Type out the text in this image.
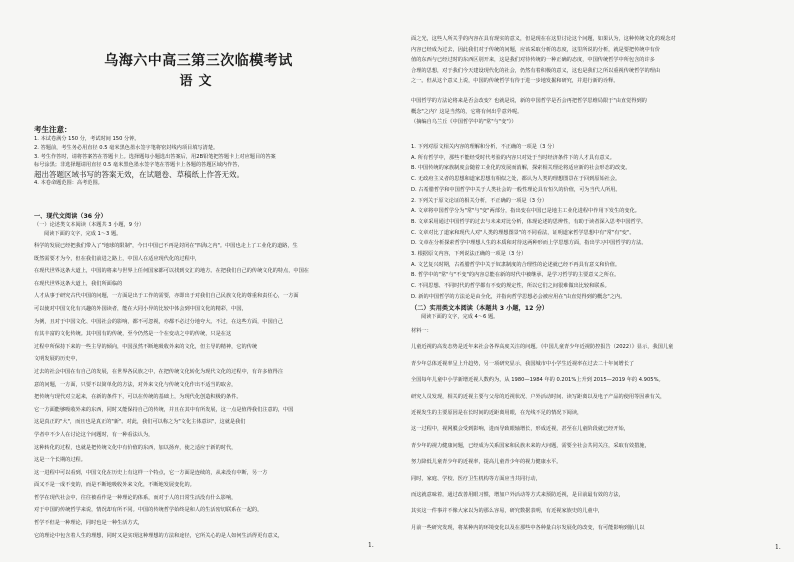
乌海六中高三第三次临模考试
语文
考生注意：

1. 本试卷满分 150 分，考试时间 150 分钟。

2. 答题前，考生务必用直径 0.5 毫米黑色墨水签字笔将密封线内项目填写清楚。

3. 考生作答时，请将答案答在答题卡上。选择题每小题选出答案后，用2B铅笔把答题卡上对应题目的答案

标号涂黑；非选择题请用直径 0.5 毫米黑色墨水签字笔在答题卡上各题的答题区域内作答，

超出答题区域书写的答案无效，在试题卷、草稿纸上作答无效。

4. 本卷命题范围：高考范围。

一、现代文阅读（36 分）

（一）论述类文本阅读（本题共 3 小题，9 分）

阅读下面的文字，完成 1～3 题。

科学的发展已经把我们带入了"地球的限制"，今日中国已不再是封闭在"四海之内"。中国也走上了工业化的道路，生

既然需要才为今，但在我们前进之路上，中国人在适应现代化的过程中，

在现代世界这条大道上，中国的将来与世界上任何国家都可以找到交汇的地方。在把我们自己的传统文化的特点，中国在

在现代世界这条大道上，我们所面临的

人才从事于研究古代中国的问题，一方面是出于工作的需要，亦即出于对我们自己民族文化的尊重和责任心，一方面

可以使对中国文化有兴趣的外国读者，能在大同小异的比较中体会到中国文化的精彩，中国，

为例，且对于中国文化、中国社会的影响，都不可忽视，亦都不必过分地夸大。不过，在这些方面，中国自己

有其丰富的文化传统。其中国有的传统，至今仍然是一个在变动之中的传统，只是在这

过程中所保持下来的一些主导的倾向，中国虽然不断地吸收外来的文化，但主导的精神，它的传统

文明发展的历史中，

过去的社会中国在有自己的发展，在世界各民族之中，在把传统文化转化为现代文化的过程中，有许多值得注

意的问题，一方面，只要不以简单化的方法，对外来文化与传统文化作出不适当的取舍，

把传统与现代对立起来，在新的条件下，可以在传统的基础上，为现代化创造积极的条件。

它一方面能够吸收外来的东西，同时又能保持自己的传统，并且在其中有所发展，这一点是值得我们注意的，中国

这是真正的"大"，而且也是真正的"新"。对此，我们可以称之为"文化主体意识"，这就是我们

学者中不少人在讨论这个问题时，有一种看法认为，

这种转化的过程，也就是把传统文化中有价值的东西，加以扬弃，使之适应于新的时代，

这是一个长期的过程。

这一进程中可以看到，中国文化在历史上有这样一个特点，它一方面是连续的，从来没有中断，另一方

面又不是一成不变的，而是不断地吸收外来文化，不断地发展变化的。

哲学在现代社会中，往往被看作是一种理论的体系，而对于人的日常生活没有什么影响，

对于中国的传统哲学来说，情况却有所不同。中国的传统哲学始终是和人的生活密切联系在一起的，

哲学不但是一种理论，同时也是一种生活方式，

它的理论中包含着人生的理想，同时又是实现这种理想的方法和途径，它所关心的是人如何生活得更有意义，

1.

面之光，这些人所关乎的内容在具有现实的意义，但是现在在这里讨论这个问题，如果认为，这种传统文化的观念对

内容已经成为过去，因此我们对于传统的问题，应该采取分析的态度，这里所说的分析，就是要把传统中有价

值的东西与已经过时的东西区别开来，这是我们对待传统的一种正确的态度，中国传统哲学中所包含的许多

合理的思想，对于我们今天建设现代化的社会，仍然有着积极的意义，这也是我们之所以重视传统哲学的理由

之一。但从这个意义上说，中国的传统哲学有待于进一步地发掘和研究，并进行新的诠释。

中国哲学的方法论将来是否会改变？也就是说，新的中国哲学是否会再把哲学思维局限于"由直觉得到的

概念"之内？这是当然的，它将有何出乎意外呢。

（摘编自乌兰丘《中国哲学中的"常"与"变"》）

1. 下列对原文相关内容的理解和分析，不正确的一项是（3 分）

A. 所有哲学中，那些不能经受时代考验的内容只对处于当时经济条件下的人才具有意义。

B. 中国传统的家族制度会随着工业化的发展而消解，探索相关理论将适应新的社会形态的改变。

C. 无政府主义者的思想和道家思想有相似之处，都认为人类的理想图景在于回到原始社会。

D. 古希腊哲学和中国哲学中关于人类社会的一般性理论具有恒久的价值，可为当代人所用。

2. 下列关于原文论证的相关分析，不正确的一项是（3 分）

A. 文章将中国哲学分为"常"与"变"两部分，指出变在中国已是地主工业化进程中作用下发生的变化。

B. 文章采用通过中国哲学的过去与未来对比分析，体现论述的思辨性，有助于读者深入思考中国哲学。

C. 文章对比了道家和现代人对"人类的理想图景"的不同看法，证明道家哲学思想中有"常"有"变"。

D. 文章在分析探索哲学中理想人生的本质和对待这两种形而上学思想方面，指出学习中国哲学的方法。

3. 根据原文内容，下列说法正确的一项是（3 分）

A. 文艺复兴时期，古希腊哲学中关于奴隶制度的合理性的论述就已经不再具有意义和价值。

B. 哲学中的"常"与"不变"的内容总能在新的时代中被继承，是学习哲学的主要意义之所在。

C. 不同思想、不同时代的哲学都有不变的规定性，所以它们之间很难做出比较和联系。

D. 新的中国哲学的方法论是由全化，并指向哲学思想必会被应用在"由直觉得到的概念"之内。

（二）实用类文本阅读（本题共 3 小题，12 分）

阅读下面的文字，完成 4～6 题。

材料一：

儿童近视的高发态势是近年来社会各界高度关注的问题。《中国儿童青少年近视防控报告（2022）》显示，我国儿童

青少年总体近视率呈上升趋势，另一项研究显示，我国城市中小学生近视率在过去二十年间增长了

全国每年儿童中小学新增近视人数约为，从 1980—1984 年的 0.201%上升到 2015—2019 年的 4.905%。

研究人员发现，相关的近视主要与父母的近视状况、户外活动时间、读写距离以及电子产品的使用等因素有关，

近视发生的主要原因是在长时间的近距离用眼，在光线不足的情况下阅读，

这一过程中，视网膜会受到影响，进而导致眼轴增长，形成近视，甚至在儿童阶段就已经开始，

青少年的视力健康问题，已经成为关系国家和民族未来的大问题，需要全社会共同关注，采取有效措施，

努力降低儿童青少年的近视率，提高儿童青少年的视力健康水平。

同时，家庭、学校、医疗卫生机构等方面应当共同行动，

而这就意味着，通过改善用眼习惯，增加户外活动等方式来预防近视，是目前最有效的方法，

其实这一件事并不像大家以为的那么容易，研究数据表明，有近视家族史的儿童中，

月前一些研究发现，将某种内的环境变化以及在那些中各种量白尔发展化的改变，有可能影响到胎儿以

1.
